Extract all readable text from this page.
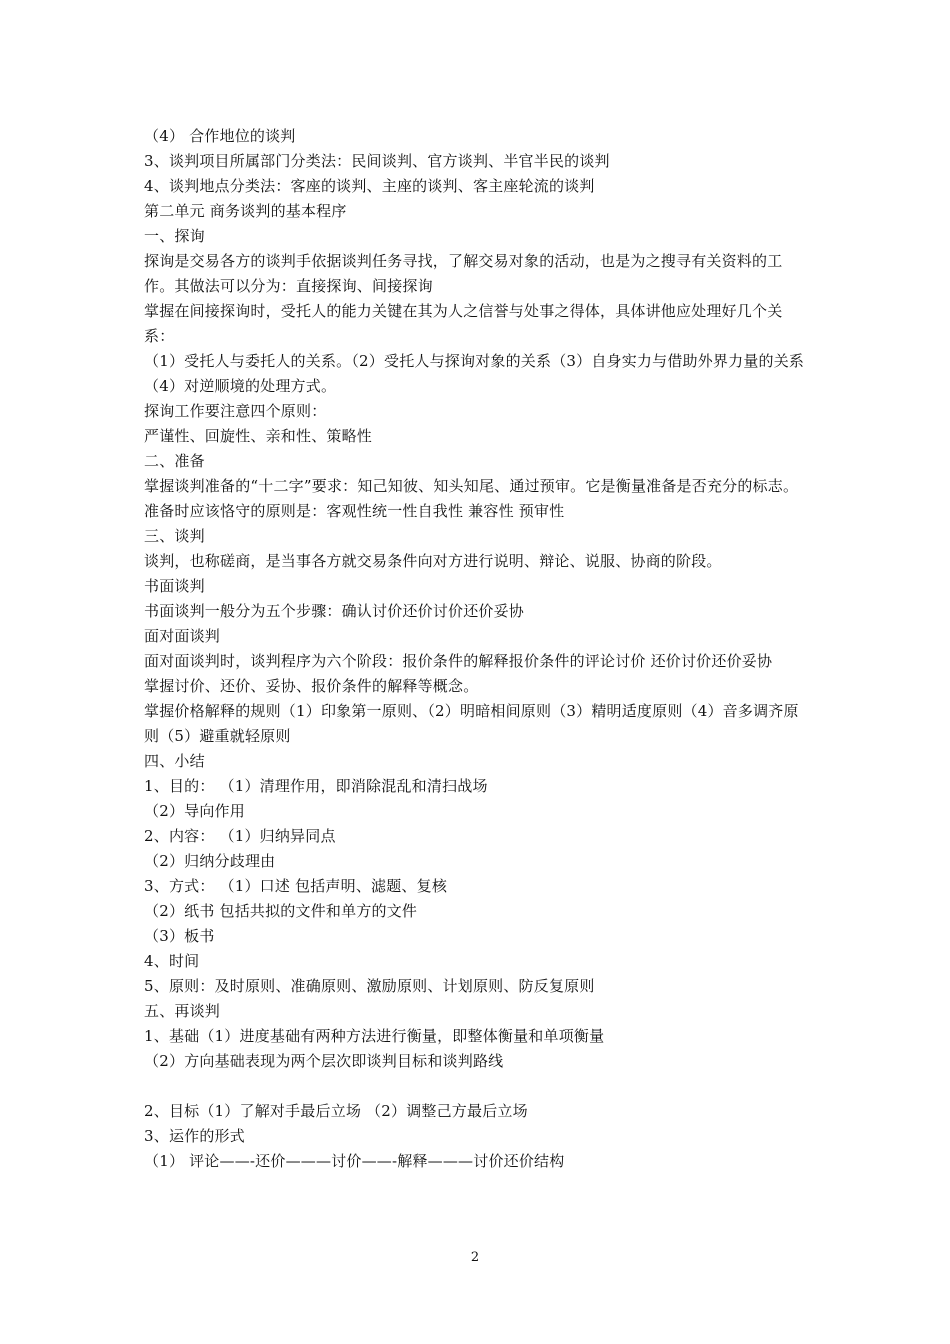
（4） 合作地位的谈判

3、谈判项目所属部门分类法：民间谈判、官方谈判、半官半民的谈判

4、谈判地点分类法：客座的谈判、主座的谈判、客主座轮流的谈判

第二单元 商务谈判的基本程序

一、探询

探询是交易各方的谈判手依据谈判任务寻找，了解交易对象的活动，也是为之搜寻有关资料的工作。其做法可以分为：直接探询、间接探询

掌握在间接探询时，受托人的能力关键在其为人之信誉与处事之得体，具体讲他应处理好几个关系：

（1）受托人与委托人的关系。（2）受托人与探询对象的关系（3）自身实力与借助外界力量的关系（4）对逆顺境的处理方式。

探询工作要注意四个原则：

严谨性、回旋性、亲和性、策略性

二、准备

掌握谈判准备的“十二字”要求：知己知彼、知头知尾、通过预审。它是衡量准备是否充分的标志。

准备时应该恪守的原则是：客观性统一性自我性 兼容性 预审性

三、谈判

谈判，也称磋商，是当事各方就交易条件向对方进行说明、辩论、说服、协商的阶段。

书面谈判

书面谈判一般分为五个步骤：确认讨价还价讨价还价妥协

面对面谈判

面对面谈判时，谈判程序为六个阶段：报价条件的解释报价条件的评论讨价 还价讨价还价妥协

掌握讨价、还价、妥协、报价条件的解释等概念。

掌握价格解释的规则（1）印象第一原则、（2）明暗相间原则（3）精明适度原则（4）音多调齐原则（5）避重就轻原则

四、小结

1、目的： （1）清理作用，即消除混乱和清扫战场

（2）导向作用

2、内容： （1）归纳异同点

（2）归纳分歧理由

3、方式： （1）口述 包括声明、滤题、复核

（2）纸书 包括共拟的文件和单方的文件

（3）板书

4、时间

5、原则：及时原则、准确原则、激励原则、计划原则、防反复原则

五、再谈判

1、基础（1）进度基础有两种方法进行衡量，即整体衡量和单项衡量

（2）方向基础表现为两个层次即谈判目标和谈判路线

2、目标（1）了解对手最后立场 （2）调整己方最后立场

3、运作的形式

（1） 评论——-还价———讨价——-解释———讨价还价结构

2
